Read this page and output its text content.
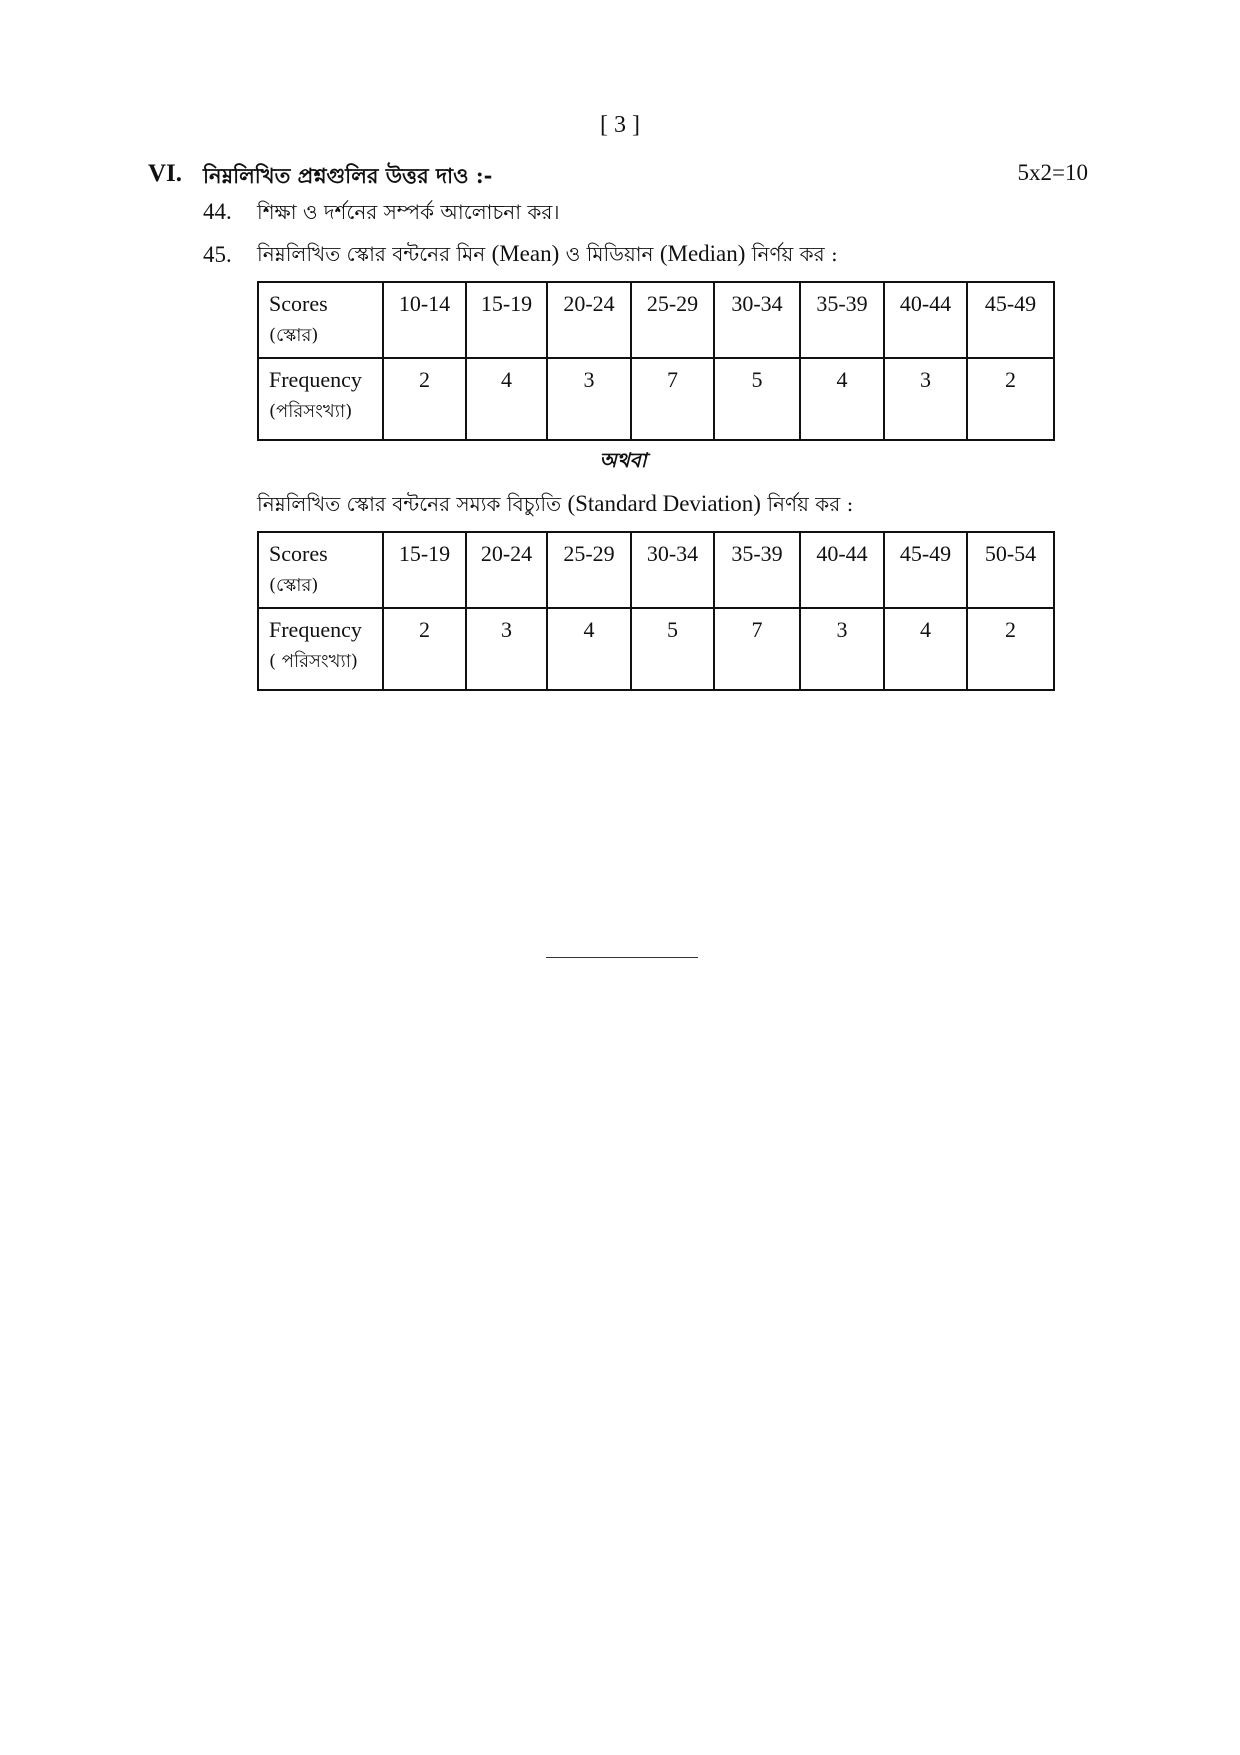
[ 3 ]
VI. নিম্নলিখিত প্রশ্নগুলির উত্তর দাও :-	5x2=10
44. শিক্ষা ও দর্শনের সম্পর্ক আলোচনা কর।
45. নিম্নলিখিত স্কোর বন্টনের মিন (Mean) ও মিডিয়ান (Median) নির্ণয় কর :
Scores
(স্কোর)	10-14	15-19	20-24	25-29	30-34	35-39	40-44	45-49
Frequency
(পরিসংখ্যা)	2	4	3	7	5	4	3	2
অথবা
নিম্নলিখিত স্কোর বন্টনের সম্যক বিচ্যুতি (Standard Deviation) নির্ণয় কর :
Scores
(স্কোর)	15-19	20-24	25-29	30-34	35-39	40-44	45-49	50-54
Frequency
( পরিসংখ্যা)	2	3	4	5	7	3	4	2
